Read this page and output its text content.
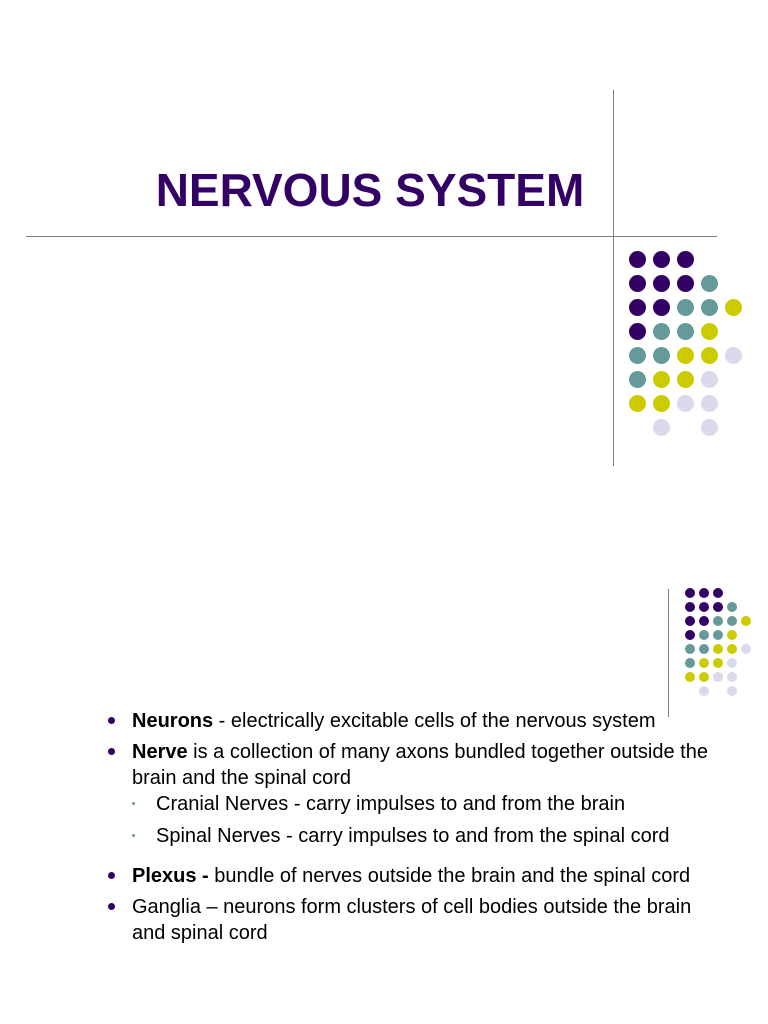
NERVOUS SYSTEM
Neurons - electrically excitable cells of the nervous system
Nerve is a collection of many axons bundled together outside the brain and the spinal cord
Cranial Nerves - carry impulses to and from the brain
Spinal Nerves - carry impulses to and from the spinal cord
Plexus - bundle of nerves outside the brain and the spinal cord
Ganglia – neurons form clusters of cell bodies outside the brain and spinal cord
